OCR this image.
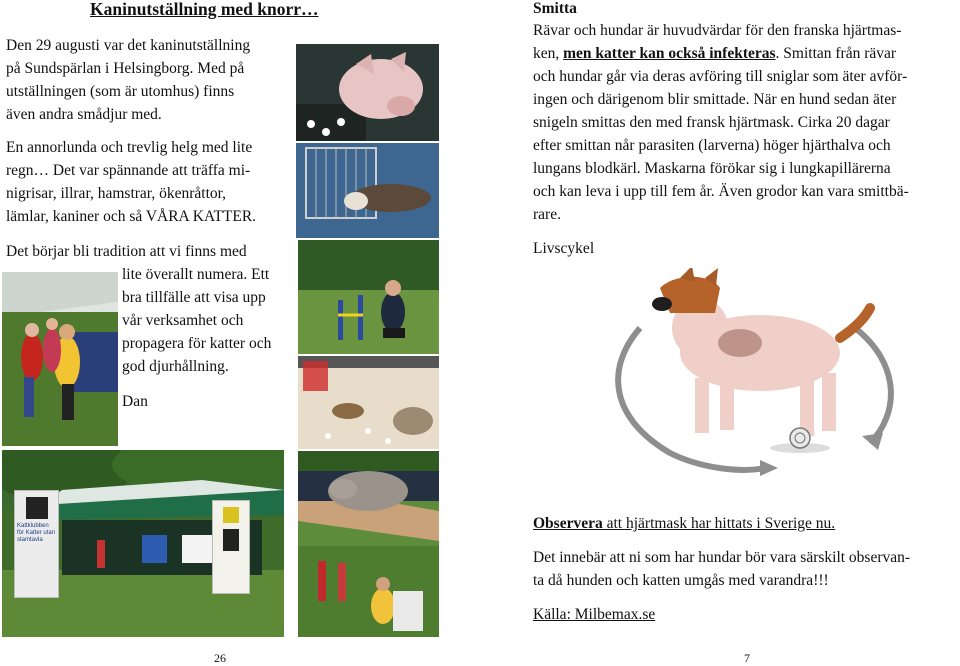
Kaninutställning med knorr…
Den 29 augusti var det kaninutställning
på Sundspärlan i Helsingborg. Med på
utställningen (som är utomhus) finns
även andra smådjur med.
En annorlunda och trevlig helg med lite
regn… Det var spännande att träffa mi-
nigrisar, illrar, hamstrar, ökenråttor,
lämlar, kaniner och så VÅRA KATTER.
Det börjar bli tradition att vi finns med
lite överallt numera. Ett
bra tillfälle att visa upp
vår verksamhet och
propagera för katter och
god djurhållning.
Dan
Kattklubben för Katter utan stamtavla
26
Smitta
Rävar och hundar är huvudvärdar för den franska hjärtmas-
ken, men katter kan också infekteras. Smittan från rävar
och hundar går via deras avföring till sniglar som äter avför-
ingen och därigenom blir smittade. När en hund sedan äter
snigeln smittas den med fransk hjärtmask. Cirka 20 dagar
efter smittan når parasiten (larverna) höger hjärthalva och
lungans blodkärl. Maskarna förökar sig i lungkapillärerna
och kan leva i upp till fem år. Även grodor kan vara smittbä-
rare.
Livscykel
Observera att hjärtmask har hittats i Sverige nu.
Det innebär att ni som har hundar bör vara särskilt observan-
ta då hunden och katten umgås med varandra!!!
Källa: Milbemax.se
7
